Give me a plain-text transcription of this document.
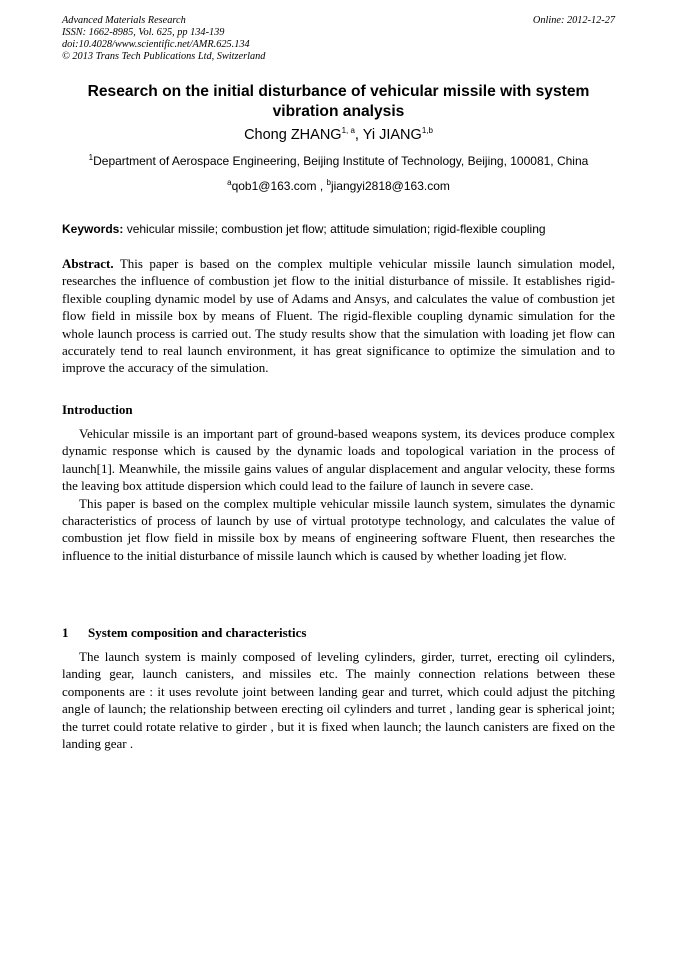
Advanced Materials Research
ISSN: 1662-8985, Vol. 625, pp 134-139
doi:10.4028/www.scientific.net/AMR.625.134
© 2013 Trans Tech Publications Ltd, Switzerland
Online: 2012-12-27
Research on the initial disturbance of vehicular missile with system vibration analysis
Chong ZHANG$^{1, a}$, Yi JIANG$^{1,b}$
$^1$Department of Aerospace Engineering, Beijing Institute of Technology, Beijing, 100081, China
$^a$qob1@163.com , $^b$jiangyi2818@163.com
Keywords: vehicular missile; combustion jet flow; attitude simulation; rigid-flexible coupling

Abstract. This paper is based on the complex multiple vehicular missile launch simulation model, researches the influence of combustion jet flow to the initial disturbance of missile. It establishes rigid-flexible coupling dynamic model by use of Adams and Ansys, and calculates the value of combustion jet flow field in missile box by means of Fluent. The rigid-flexible coupling dynamic simulation for the whole launch process is carried out. The study results show that the simulation with loading jet flow can accurately tend to real launch environment, it has great significance to optimize the simulation and to improve the accuracy of the simulation.

Introduction

Vehicular missile is an important part of ground-based weapons system, its devices produce complex dynamic response which is caused by the dynamic loads and topological variation in the process of launch[1]. Meanwhile, the missile gains values of angular displacement and angular velocity, these forms the leaving box attitude dispersion which could lead to the failure of launch in severe case.

This paper is based on the complex multiple vehicular missile launch system, simulates the dynamic characteristics of process of launch by use of virtual prototype technology, and calculates the value of combustion jet flow field in missile box by means of engineering software Fluent, then researches the influence to the initial disturbance of missile launch which is caused by whether loading jet flow.

1 System composition and characteristics

The launch system is mainly composed of leveling cylinders, girder, turret, erecting oil cylinders, landing gear, launch canisters, and missiles etc. The mainly connection relations between these components are : it uses revolute joint between landing gear and turret, which could adjust the pitching angle of launch; the relationship between erecting oil cylinders and turret , landing gear is spherical joint; the turret could rotate relative to girder , but it is fixed when launch; the launch canisters are fixed on the landing gear .
